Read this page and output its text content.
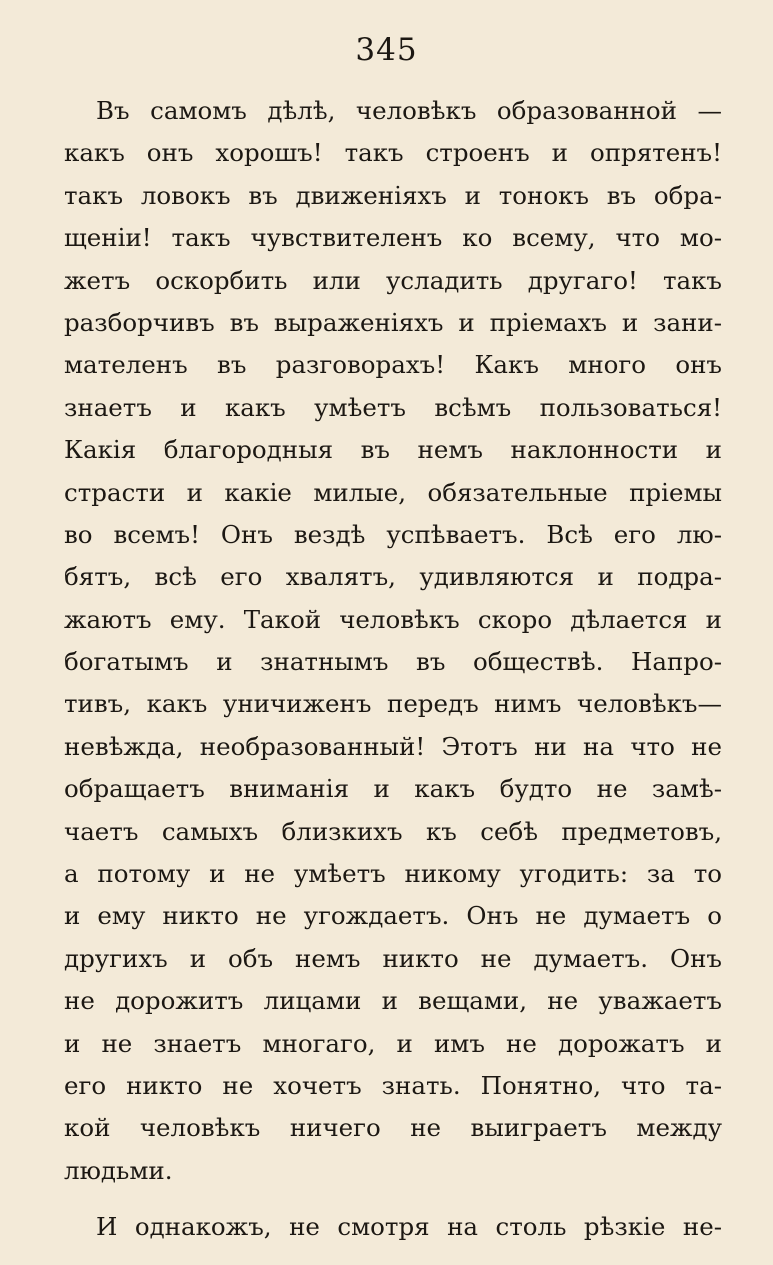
345
Въ самомъ дѣлѣ, человѣкъ образованной —
какъ онъ хорошъ! такъ строенъ и опрятенъ!
такъ ловокъ въ движеніяхъ и тонокъ въ обра-
щеніи! такъ чувствителенъ ко всему, что мо-
жетъ оскорбить или усладить другаго! такъ
разборчивъ въ выраженіяхъ и пріемахъ и зани-
мателенъ въ разговорахъ! Какъ много онъ
знаетъ и какъ умѣетъ всѣмъ пользоваться!
Какія благородныя въ немъ наклонности и
страсти и какіе милые, обязательные пріемы
во всемъ! Онъ вездѣ успѣваетъ. Всѣ его лю-
бятъ, всѣ его хвалятъ, удивляются и подра-
жаютъ ему. Такой человѣкъ скоро дѣлается и
богатымъ и знатнымъ въ обществѣ. Напро-
тивъ, какъ уничиженъ передъ нимъ человѣкъ—
невѣжда, необразованный! Этотъ ни на что не
обращаетъ вниманія и какъ будто не замѣ-
чаетъ самыхъ близкихъ къ себѣ предметовъ,
а потому и не умѣетъ никому угодить: за то
и ему никто не угождаетъ. Онъ не думаетъ о
другихъ и объ немъ никто не думаетъ. Онъ
не дорожитъ лицами и вещами, не уважаетъ
и не знаетъ многаго, и имъ не дорожатъ и
его никто не хочетъ знать. Понятно, что та-
кой человѣкъ ничего не выиграетъ между
людьми.
И однакожъ, не смотря на столь рѣзкіе не-
